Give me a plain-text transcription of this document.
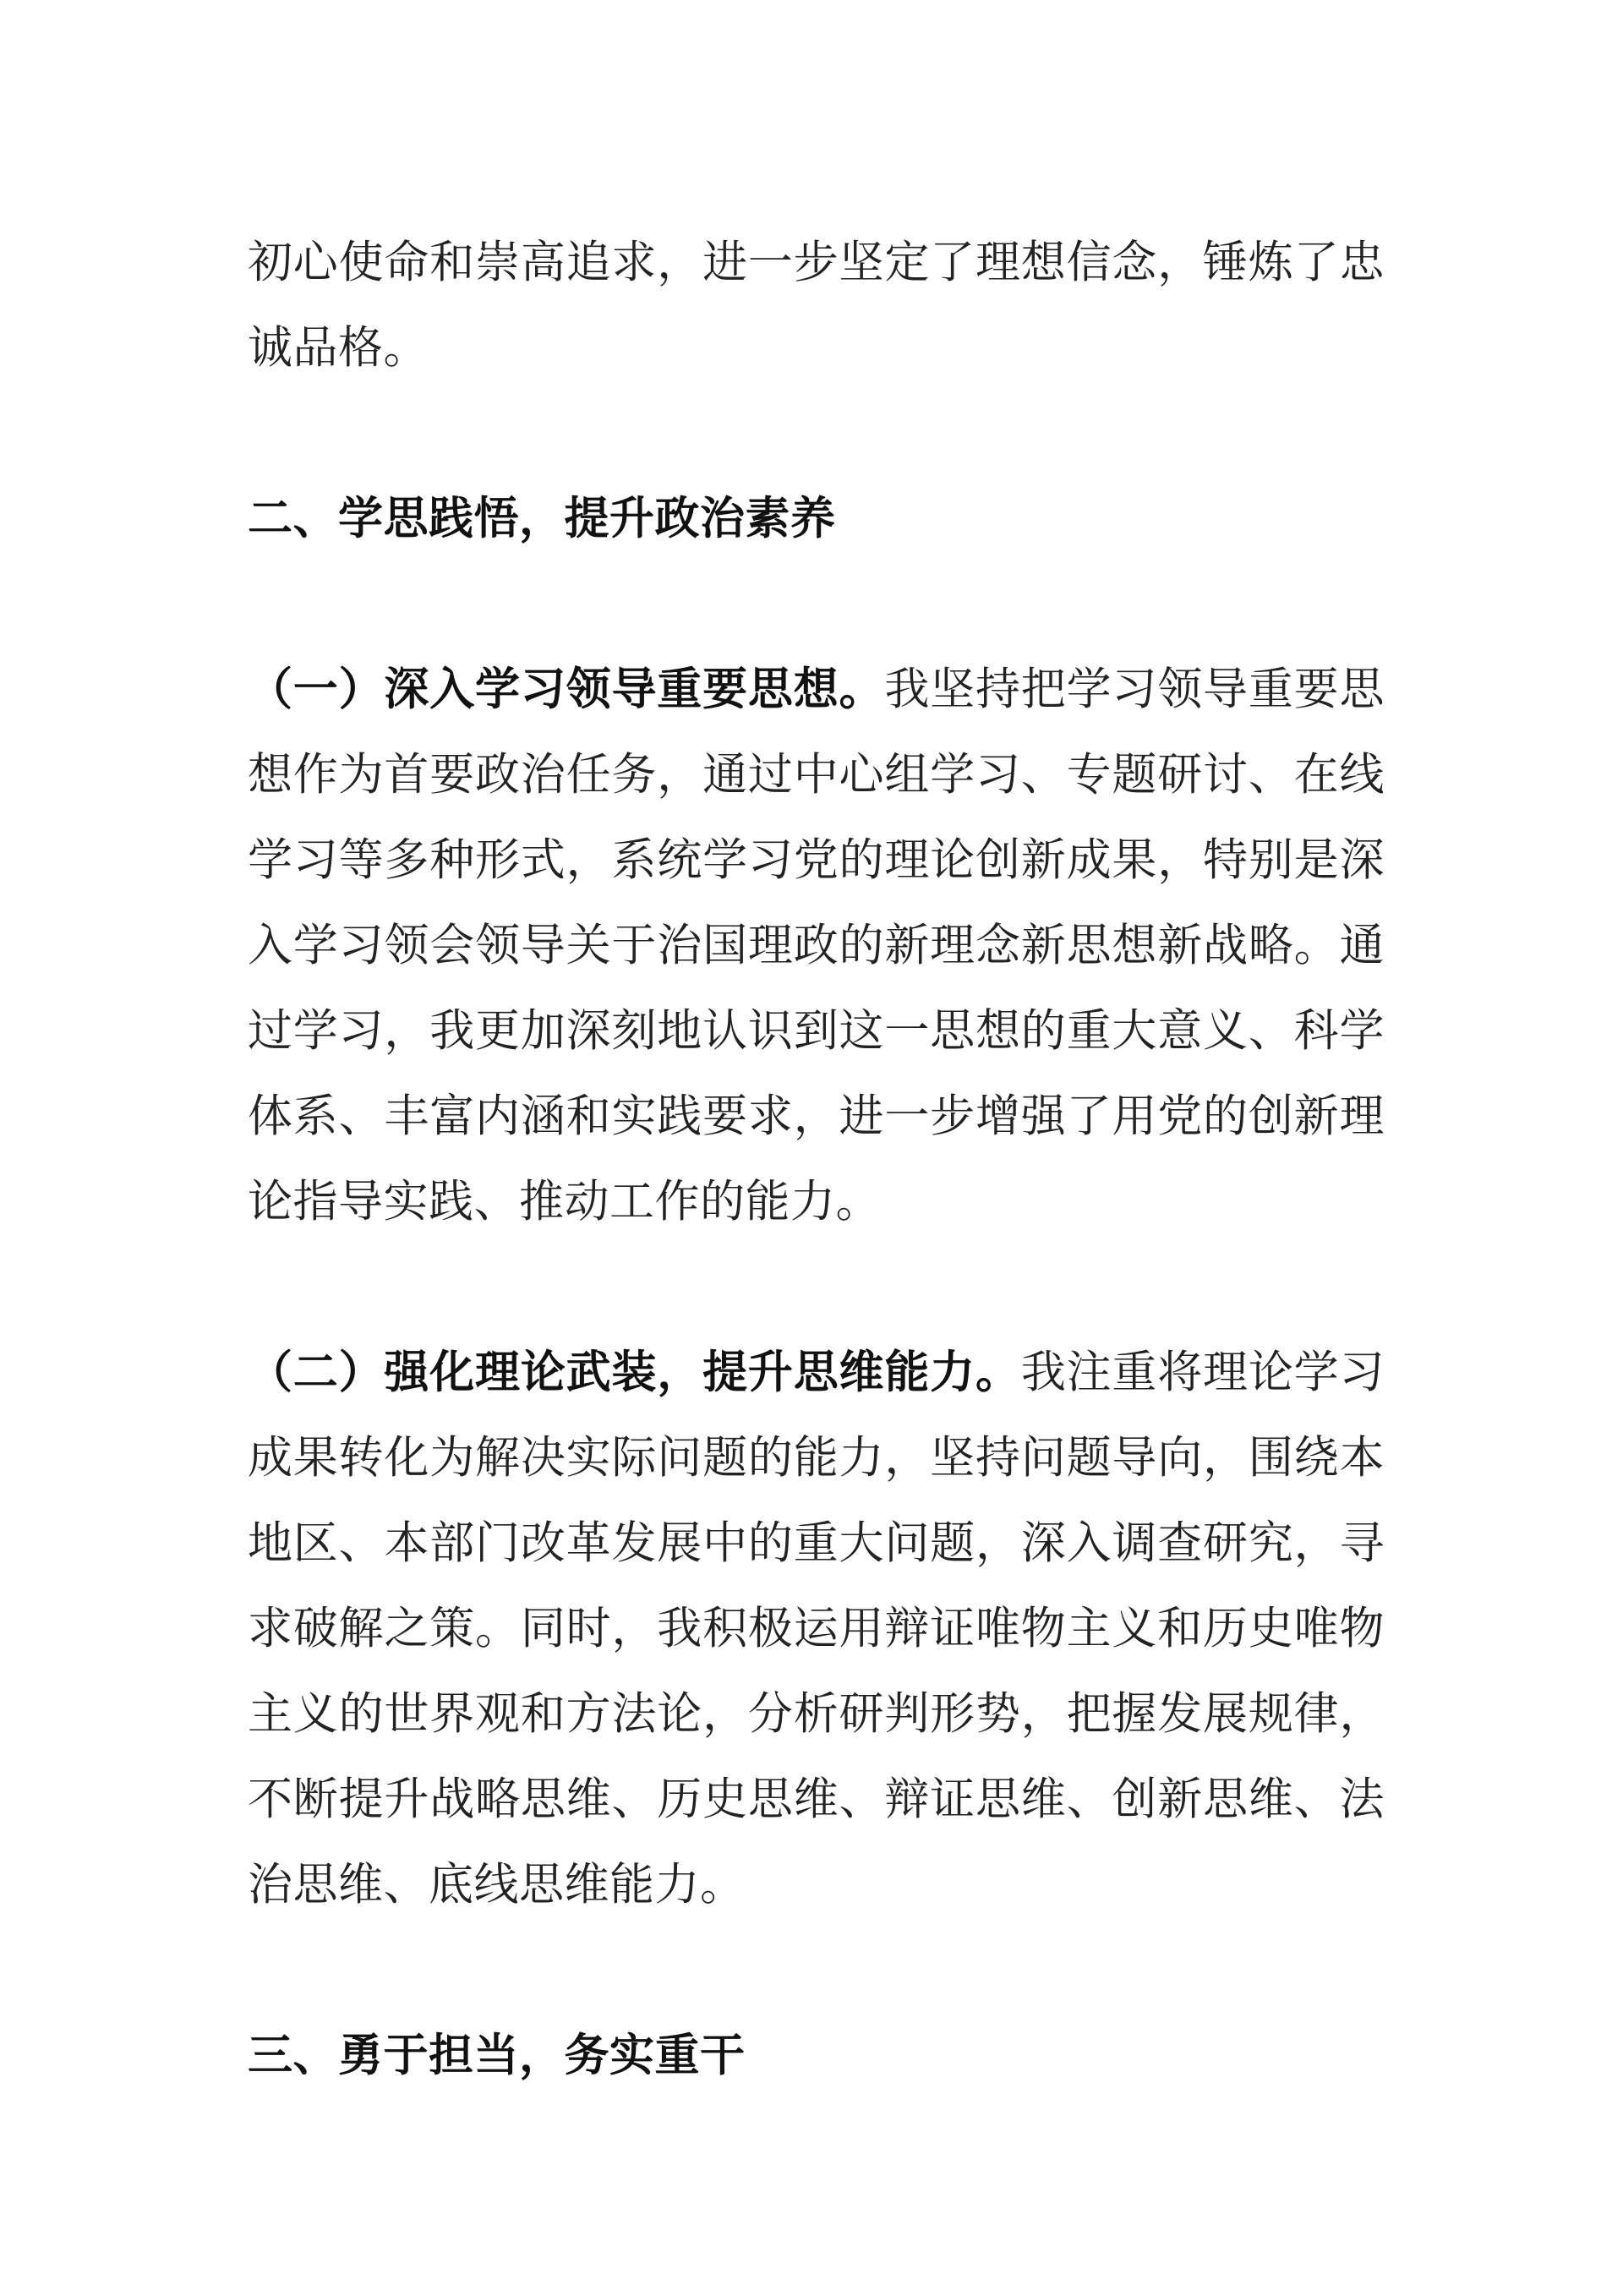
初心使命和崇高追求，进一步坚定了理想信念，锤炼了忠诚品格。

二、学思践悟，提升政治素养

（一）深入学习领导重要思想。我坚持把学习领导重要思想作为首要政治任务，通过中心组学习、专题研讨、在线学习等多种形式，系统学习党的理论创新成果，特别是深入学习领会领导关于治国理政的新理念新思想新战略。通过学习，我更加深刻地认识到这一思想的重大意义、科学体系、丰富内涵和实践要求，进一步增强了用党的创新理论指导实践、推动工作的能力。

（二）强化理论武装，提升思维能力。我注重将理论学习成果转化为解决实际问题的能力，坚持问题导向，围绕本地区、本部门改革发展中的重大问题，深入调查研究，寻求破解之策。同时，我积极运用辩证唯物主义和历史唯物主义的世界观和方法论，分析研判形势，把握发展规律，不断提升战略思维、历史思维、辩证思维、创新思维、法治思维、底线思维能力。

三、勇于担当，务实重干
